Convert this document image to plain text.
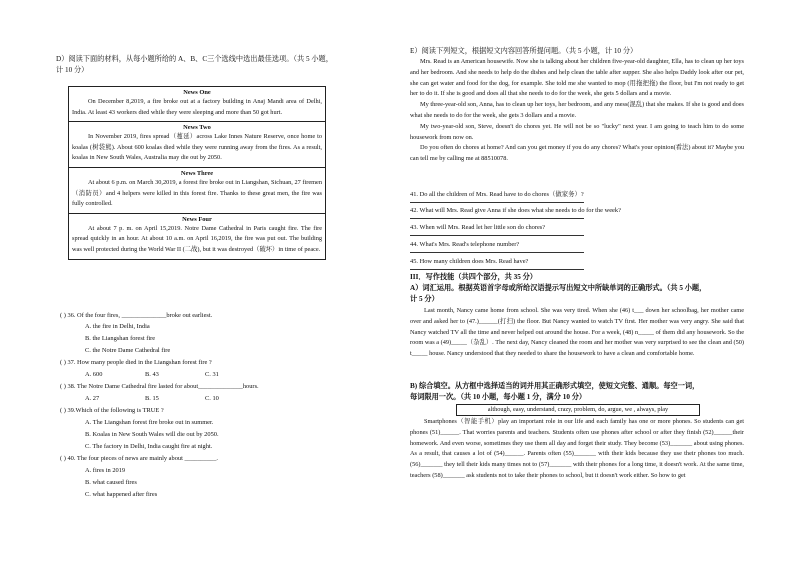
D）阅读下面的材料，从每小题所给的 A、B、C三个选线中选出最佳选项。（共 5 小题，
计 10 分）
News One
On December 8,2019, a fire broke out at a factory building in Anaj Mandi area of Delhi, India. At least 43 workers died while they were sleeping and more than 50 got hurt.
News Two
In November 2019, fires spread（蔓延）across Lake Innes Nature Reserve, once home to koalas (树袋熊). About 600 koalas died while they were running away from the fires. As a result, koalas in New South Wales, Australia may die out by 2050.
News Three
At about 6 p.m. on March 30,2019, a forest fire broke out in Liangshan, Sichuan, 27 firemen（消防员）and 4 helpers were killed in this forest fire. Thanks to these great men, the fire was fully controlled.
News Four
At about 7 p. m. on April 15,2019. Notre Dame Cathedral in Paris caught fire. The fire spread quickly in an hour. At about 10 a.m. on April 16,2019, the fire was put out. The building was well protected during the World War II (二战), but it was destroyed（破坏）in time of peace.
( ) 36. Of the four fires, ______________broke out earliest.
A. the fire in Delhi, India
B. the Liangshan forest fire
C. the Notre Dame Cathedral fire
( ) 37. How many people died in the Liangshan forest fire ?
A. 600	B. 43	C. 31
( ) 38. The Notre Dame Cathedral fire lasted for about______________hours.
A. 27	B. 15	C. 10
( ) 39.Which of the following is TRUE ?
A. The Liangshan forest fire broke out in summer.
B. Koalas in New South Wales will die out by 2050.
C. The factory in Delhi, India caught fire at night.
( ) 40. The four pieces of news are mainly about __________.
A. fires in 2019
B. what caused fires
C. what happened after fires
E）阅读下列短文，根据短文内容回答所提问题。（共 5 小题，计 10 分）

Mrs. Read is an American housewife. Now she is talking about her children five-year-old daughter, Ella, has to clean up her toys and her bedroom. And she needs to help do the dishes and help clean the table after supper. She also helps Daddy look after our pet, she can get water and food for the dog, for example. She told me she wanted to mop (用拖把拖) the floor, but I'm not ready to get her to do it. If she is good and does all that she needs to do for the week, she gets 5 dollars and a movie.

My three-year-old son, Anna, has to clean up her toys, her bedroom, and any mess(混乱) that she makes. If she is good and does what she needs to do for the week, she gets 3 dollars and a movie.

My two-year-old son, Steve, doesn't do chores yet. He will not be so "lucky" next year. I am going to teach him to do some housework from now on.

Do you often do chores at home? And can you get money if you do any chores? What's your opinion(看法) about it? Maybe you can tell me by calling me at 88510078.

41. Do all the children of Mrs. Read have to do chores（做家务）?
42. What will Mrs. Read give Anna if she does what she needs to do for the week?
43. When will Mrs. Read let her little son do chores?
44. What's Mrs. Read's telephone number?
45. How many children does Mrs. Read have?
III．写作技能（共四个部分，共 35 分）
A）词汇运用。根据英语首字母或所给汉语提示写出短文中所缺单词的正确形式。（共 5 小题，
计 5 分）

Last month, Nancy came home from school. She was very tired. When she (46) t___ down her schoolbag, her mother came over and asked her to (47.)______(打扫) the floor. But Nancy wanted to watch TV first. Her mother was very angry. She said that Nancy watched TV all the time and never helped out around the house. For a week, (48) n_____ of them did any housework. So the room was a (49)_____（杂乱）. The next day, Nancy cleaned the room and her mother was very surprised to see the clean and (50) t_____ house. Nancy understood that they needed to share the housework to have a clean and comfortable home.

B) 综合填空。从方框中选择适当的词并用其正确形式填空，使短文完整、通顺。每空一词，
每词限用一次。（共 10 小题，每小题 1 分，满分 10 分）
although, easy, understand, crazy, problem, do, argue, we , always, play

Smartphones（智能手机）play an important role in our life and each family has one or more phones. So students can get phones (51)______. That worries parents and teachers. Students often use phones after school or after they finish (52)______their homework. And even worse, sometimes they use them all day and forget their study. They become (53)_______ about using phones. As a result, that causes a lot of (54)______. Parents often (55)_______ with their kids because they use their phones too much. (56)_______ they tell their kids many times not to (57)_______ with their phones for a long time, it doesn't work. At the same time, teachers (58)_______ ask students not to take their phones to school, but it doesn't work either. So how to get
